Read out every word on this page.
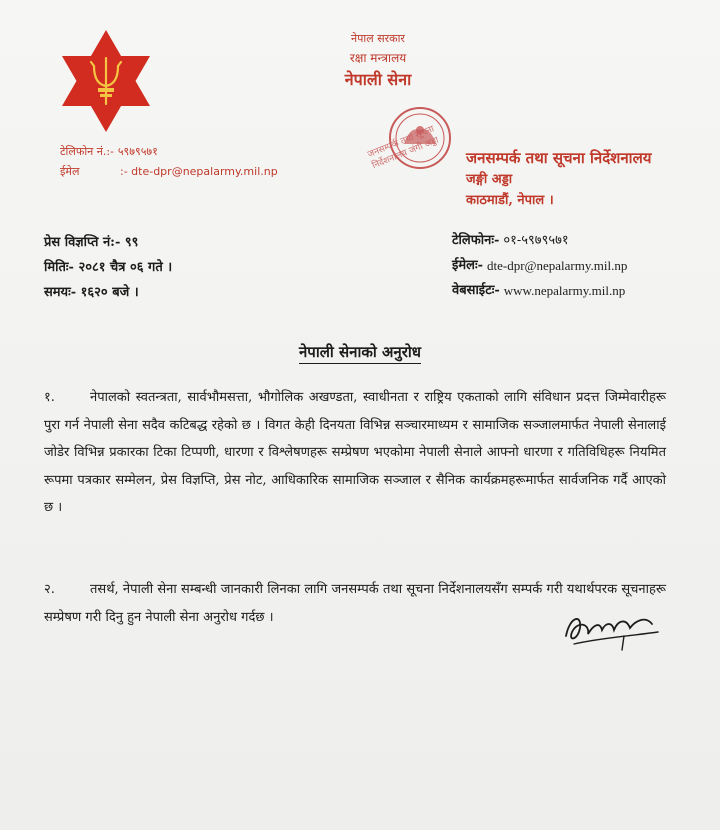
टेलिफोन नं.:- ५९७९५७१
ईमेल	:- dte-dpr@nepalarmy.mil.np
नेपाल सरकार
रक्षा मन्त्रालय
नेपाली सेना
जनसम्पर्क तथा सूचना निर्देशनालय
जङ्गी अड्डा
काठमाडौं, नेपाल ।
जनसम्पर्क तथा सूचना निर्देशनालय जंगी अड्डा
प्रेस विज्ञप्ति नं:- ९९
मितिः- २०८१ चैत्र ०६ गते ।
समयः- १६२० बजे ।
टेलिफोनः- ०१-५९७९५७१
ईमेलः- dte-dpr@nepalarmy.mil.np
वेबसाईटः- www.nepalarmy.mil.np
नेपाली सेनाको अनुरोध
१.	नेपालको स्वतन्त्रता, सार्वभौमसत्ता, भौगोलिक अखण्डता, स्वाधीनता र राष्ट्रिय एकताको लागि संविधान प्रदत्त जिम्मेवारीहरू पुरा गर्न नेपाली सेना सदैव कटिबद्ध रहेको छ । विगत केही दिनयता विभिन्न सञ्चारमाध्यम र सामाजिक सञ्जालमार्फत नेपाली सेनालाई जोडेर विभिन्न प्रकारका टिका टिप्पणी, धारणा र विश्लेषणहरू सम्प्रेषण भएकोमा नेपाली सेनाले आफ्नो धारणा र गतिविधिहरू नियमित रूपमा पत्रकार सम्मेलन, प्रेस विज्ञप्ति, प्रेस नोट, आधिकारिक सामाजिक सञ्जाल र सैनिक कार्यक्रमहरूमार्फत सार्वजनिक गर्दै आएको छ ।
२.	तसर्थ, नेपाली सेना सम्बन्धी जानकारी लिनका लागि जनसम्पर्क तथा सूचना निर्देशनालयसँग सम्पर्क गरी यथार्थपरक सूचनाहरू सम्प्रेषण गरी दिनु हुन नेपाली सेना अनुरोध गर्दछ ।
